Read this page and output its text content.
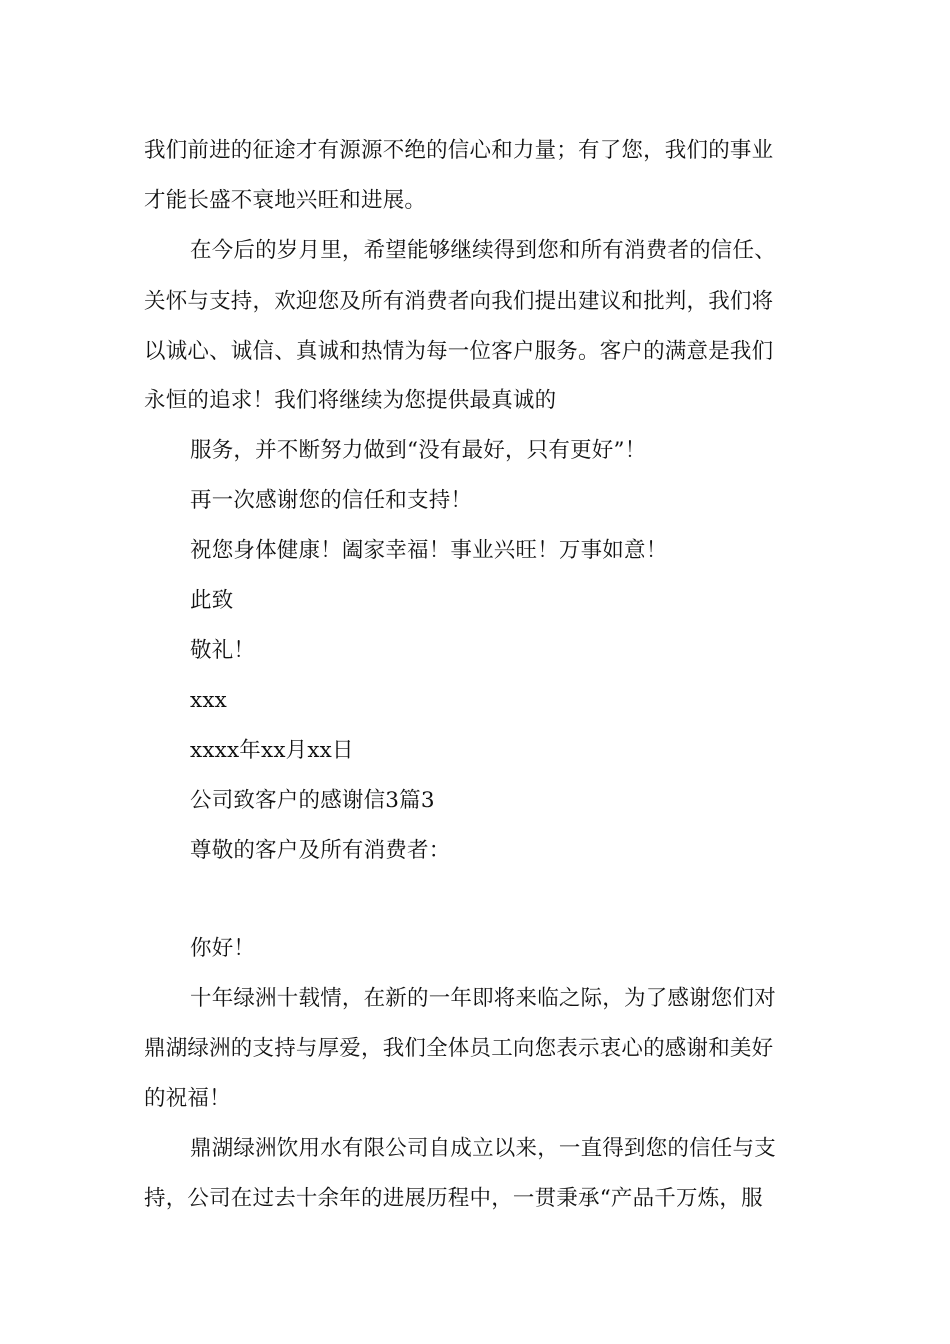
我们前进的征途才有源源不绝的信心和力量；有了您，我们的事业
才能长盛不衰地兴旺和进展。
在今后的岁月里，希望能够继续得到您和所有消费者的信任、
关怀与支持，欢迎您及所有消费者向我们提出建议和批判，我们将
以诚心、诚信、真诚和热情为每一位客户服务。客户的满意是我们
永恒的追求！我们将继续为您提供最真诚的
服务，并不断努力做到“没有最好，只有更好”！
再一次感谢您的信任和支持！
祝您身体健康！阖家幸福！事业兴旺！万事如意！
此致
敬礼！
xxx
xxxx年xx月xx日
公司致客户的感谢信3篇3
尊敬的客户及所有消费者：
你好！
十年绿洲十载情，在新的一年即将来临之际，为了感谢您们对
鼎湖绿洲的支持与厚爱，我们全体员工向您表示衷心的感谢和美好
的祝福！
鼎湖绿洲饮用水有限公司自成立以来，一直得到您的信任与支
持，公司在过去十余年的进展历程中，一贯秉承“产品千万炼，服
